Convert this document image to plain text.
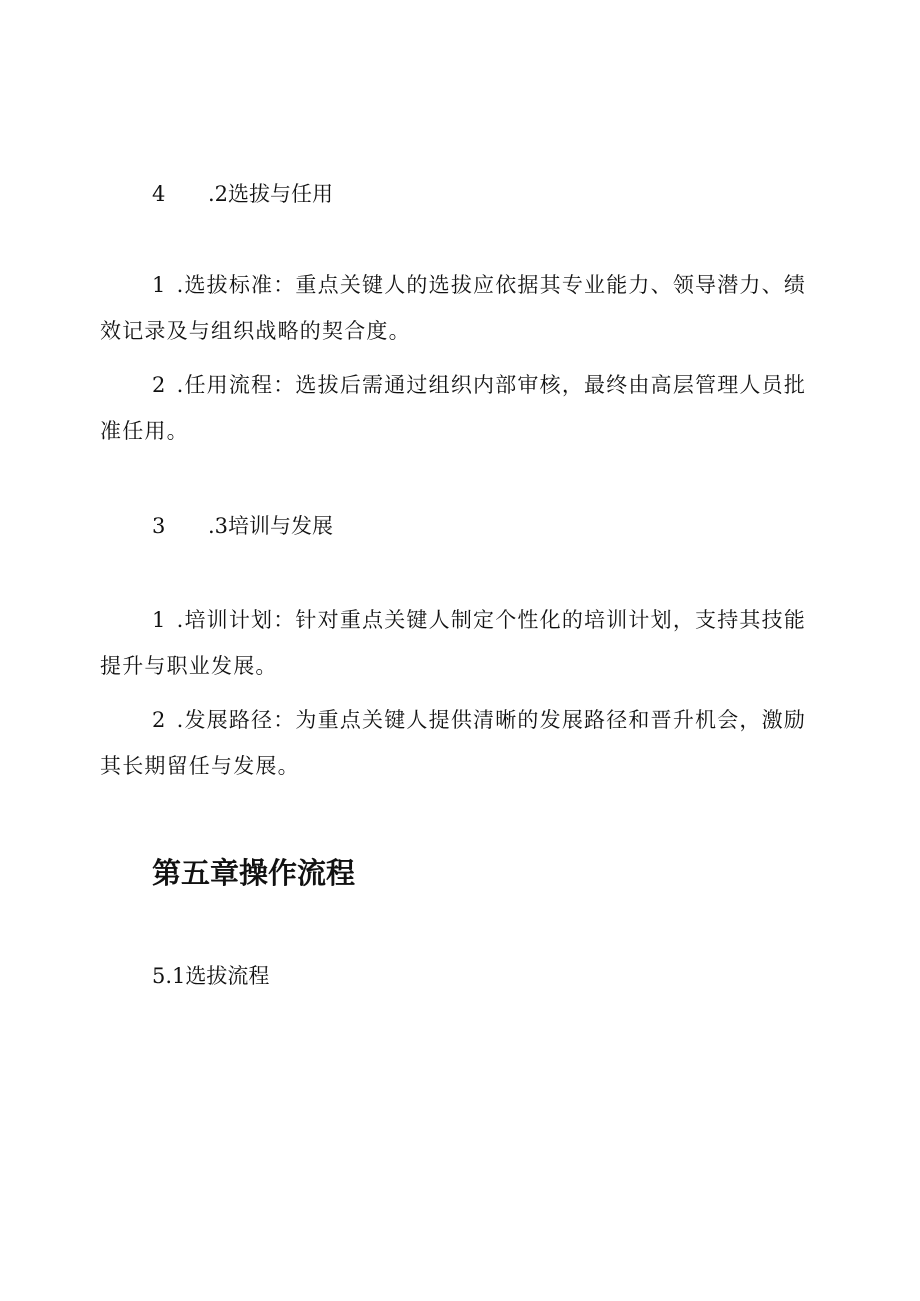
4 .2选拔与任用
1 .选拔标准：重点关键人的选拔应依据其专业能力、领导潜力、绩效记录及与组织战略的契合度。
2 .任用流程：选拔后需通过组织内部审核，最终由高层管理人员批准任用。
3 .3培训与发展
1 .培训计划：针对重点关键人制定个性化的培训计划，支持其技能提升与职业发展。
2 .发展路径：为重点关键人提供清晰的发展路径和晋升机会，激励其长期留任与发展。
第五章操作流程
5.1选拔流程
